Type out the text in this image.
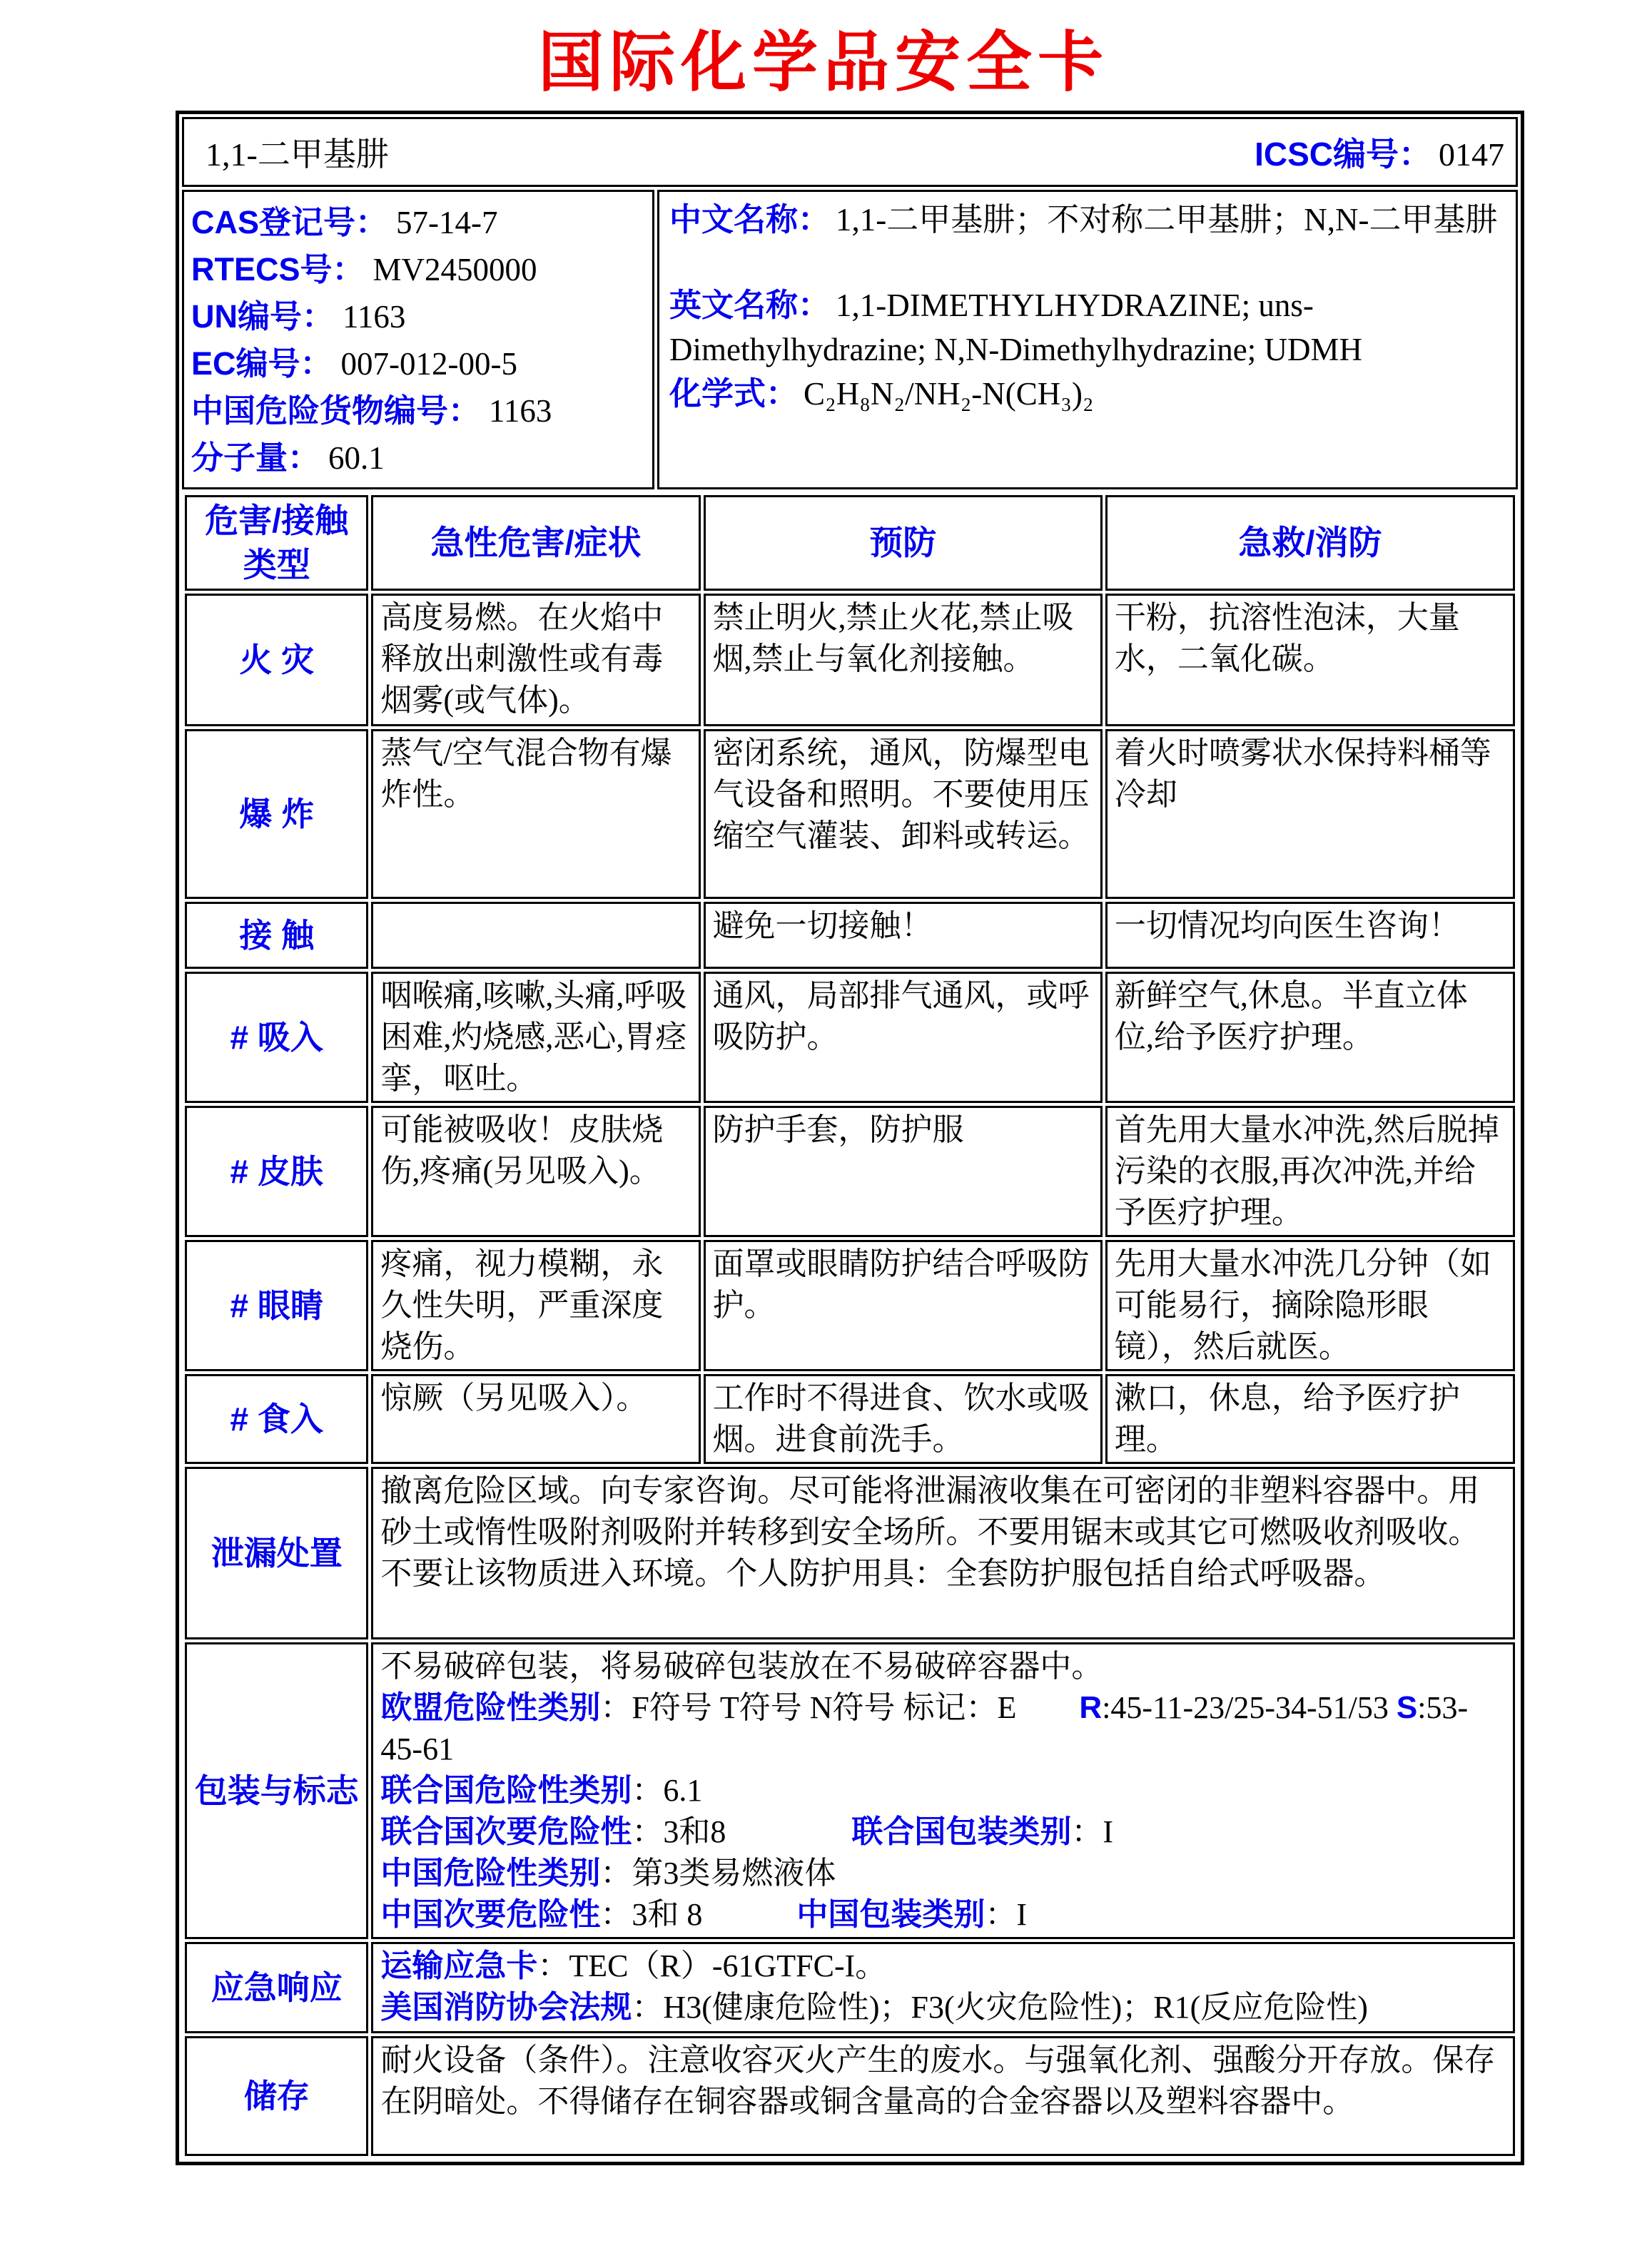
国际化学品安全卡
1,1-二甲基肼	ICSC编号： 0147
CAS登记号： 57-14-7
RTECS号： MV2450000
UN编号： 1163
EC编号： 007-012-00-5
中国危险货物编号： 1163
分子量： 60.1

中文名称： 1,1-二甲基肼；不对称二甲基肼；N,N-二甲基肼

英文名称： 1,1-DIMETHYLHYDRAZINE; uns-Dimethylhydrazine; N,N-Dimethylhydrazine; UDMH

化学式： C₂H₈N₂/NH₂-N(CH₃)₂

危害/接触类型	急性危害/症状	预防	急救/消防
火 灾	高度易燃。在火焰中释放出刺激性或有毒烟雾(或气体)。	禁止明火,禁止火花,禁止吸烟,禁止与氧化剂接触。	干粉，抗溶性泡沫，大量水，二氧化碳。
爆 炸	蒸气/空气混合物有爆炸性。	密闭系统，通风，防爆型电气设备和照明。不要使用压缩空气灌装、卸料或转运。	着火时喷雾状水保持料桶等冷却
接 触		避免一切接触！	一切情况均向医生咨询！
# 吸入	咽喉痛,咳嗽,头痛,呼吸困难,灼烧感,恶心,胃痉挛，呕吐。	通风，局部排气通风，或呼吸防护。	新鲜空气,休息。半直立体位,给予医疗护理。
# 皮肤	可能被吸收！皮肤烧伤,疼痛(另见吸入)。	防护手套，防护服	首先用大量水冲洗,然后脱掉污染的衣服,再次冲洗,并给予医疗护理。
# 眼睛	疼痛，视力模糊，永久性失明，严重深度烧伤。	面罩或眼睛防护结合呼吸防护。	先用大量水冲洗几分钟（如可能易行，摘除隐形眼镜），然后就医。
# 食入	惊厥（另见吸入）。	工作时不得进食、饮水或吸烟。进食前洗手。	漱口，休息，给予医疗护理。
泄漏处置	撤离危险区域。向专家咨询。尽可能将泄漏液收集在可密闭的非塑料容器中。用砂土或惰性吸附剂吸附并转移到安全场所。不要用锯末或其它可燃吸收剂吸收。不要让该物质进入环境。个人防护用具：全套防护服包括自给式呼吸器。		

包装与标志	
不易破碎包装，将易破碎包装放在不易破碎容器中。
欧盟危险性类别：F符号 T符号 N符号 标记：E　　R:45-11-23/25-34-51/53 S:53-45-61
联合国危险性类别：6.1
联合国次要危险性：3和8　　　　联合国包装类别：I
中国危险性类别：第3类易燃液体
中国次要危险性：3和 8　　　中国包装类别：I

应急响应	运输应急卡：TEC（R）-61GTFC-I。
美国消防协会法规：H3(健康危险性)；F3(火灾危险性)；R1(反应危险性)		

储存	耐火设备（条件）。注意收容灭火产生的废水。与强氧化剂、强酸分开存放。保存在阴暗处。不得储存在铜容器或铜含量高的合金容器以及塑料容器中。		
